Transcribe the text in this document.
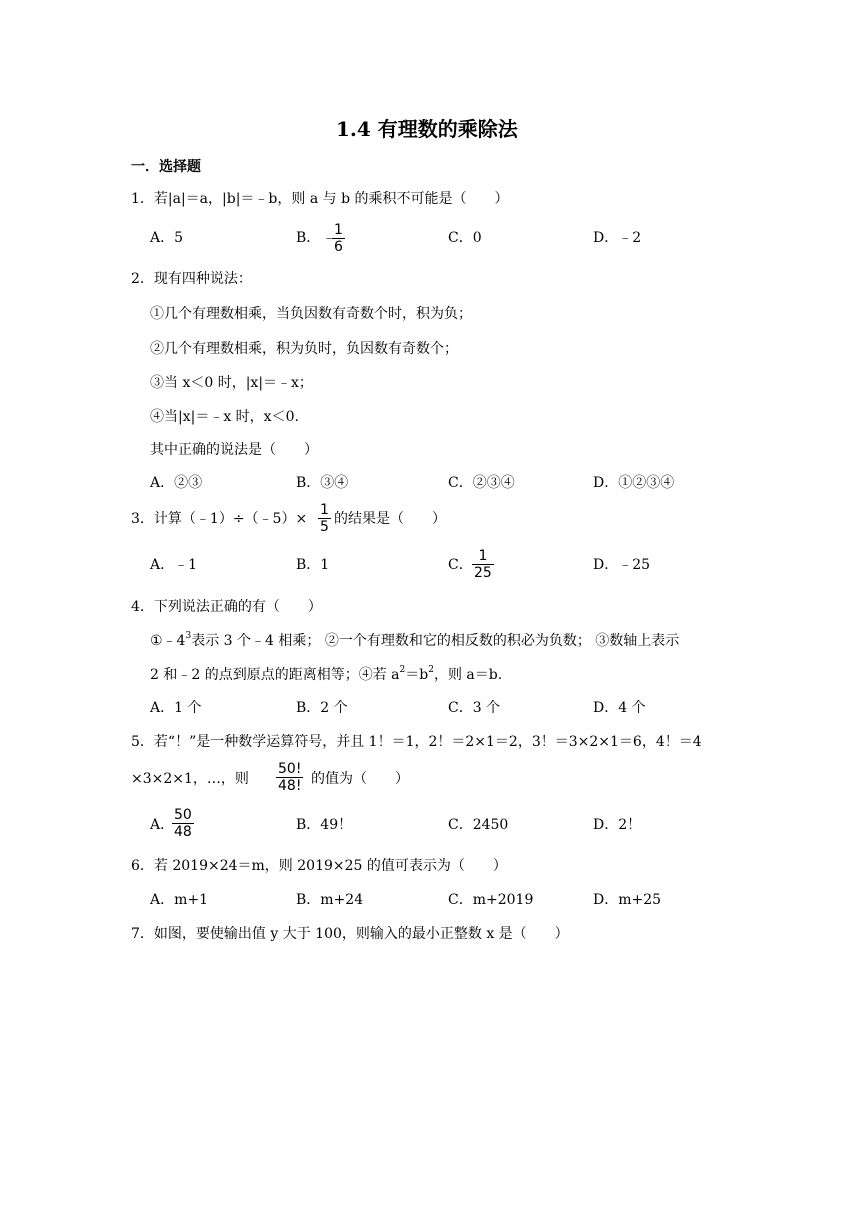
1.4 有理数的乘除法
一．选择题
1．若|a|＝a，|b|＝﹣b，则 a 与 b 的乘积不可能是（　　）
A．5	B． ﹣
$\frac{1}{6}$	C．0	D．﹣2
2．现有四种说法：
①几个有理数相乘，当负因数有奇数个时，积为负；
②几个有理数相乘，积为负时，负因数有奇数个；
③当 x＜0 时，|x|＝﹣x；
④当|x|＝﹣x 时，x＜0.
其中正确的说法是（　　）
A．②③	B．③④	C．②③④	D．①②③④
3．计算（﹣1）÷（﹣5）× $\frac{1}{5}$ 的结果是（　　）
A．﹣1	B．1	C． $\frac{1}{25}$	D．﹣25
4．下列说法正确的有（　　）
$①﹣4^3$表示 3 个﹣4 相乘； ②一个有理数和它的相反数的积必为负数； ③数轴上表示
2 和﹣2 的点到原点的距离相等；④若 $a^2=b^2$，则 a＝b.
A．1 个	B．2 个	C．3 个	D．4 个
5．若“！”是一种数学运算符号，并且 1！＝1，2！＝2×1＝2，3！＝3×2×1＝6，4！＝4
×3×2×1，…，则 $\frac{50!}{48!}$ 的值为（　　）
A．
$\frac{50}{48}$	B．49！	C．2450	D．2！
6．若 2019×24＝m，则 2019×25 的值可表示为（　　）
A．m+1	B．m+24	C．m+2019	D．m+25
7．如图，要使输出值 y 大于 100，则输入的最小正整数 x 是（　　）
